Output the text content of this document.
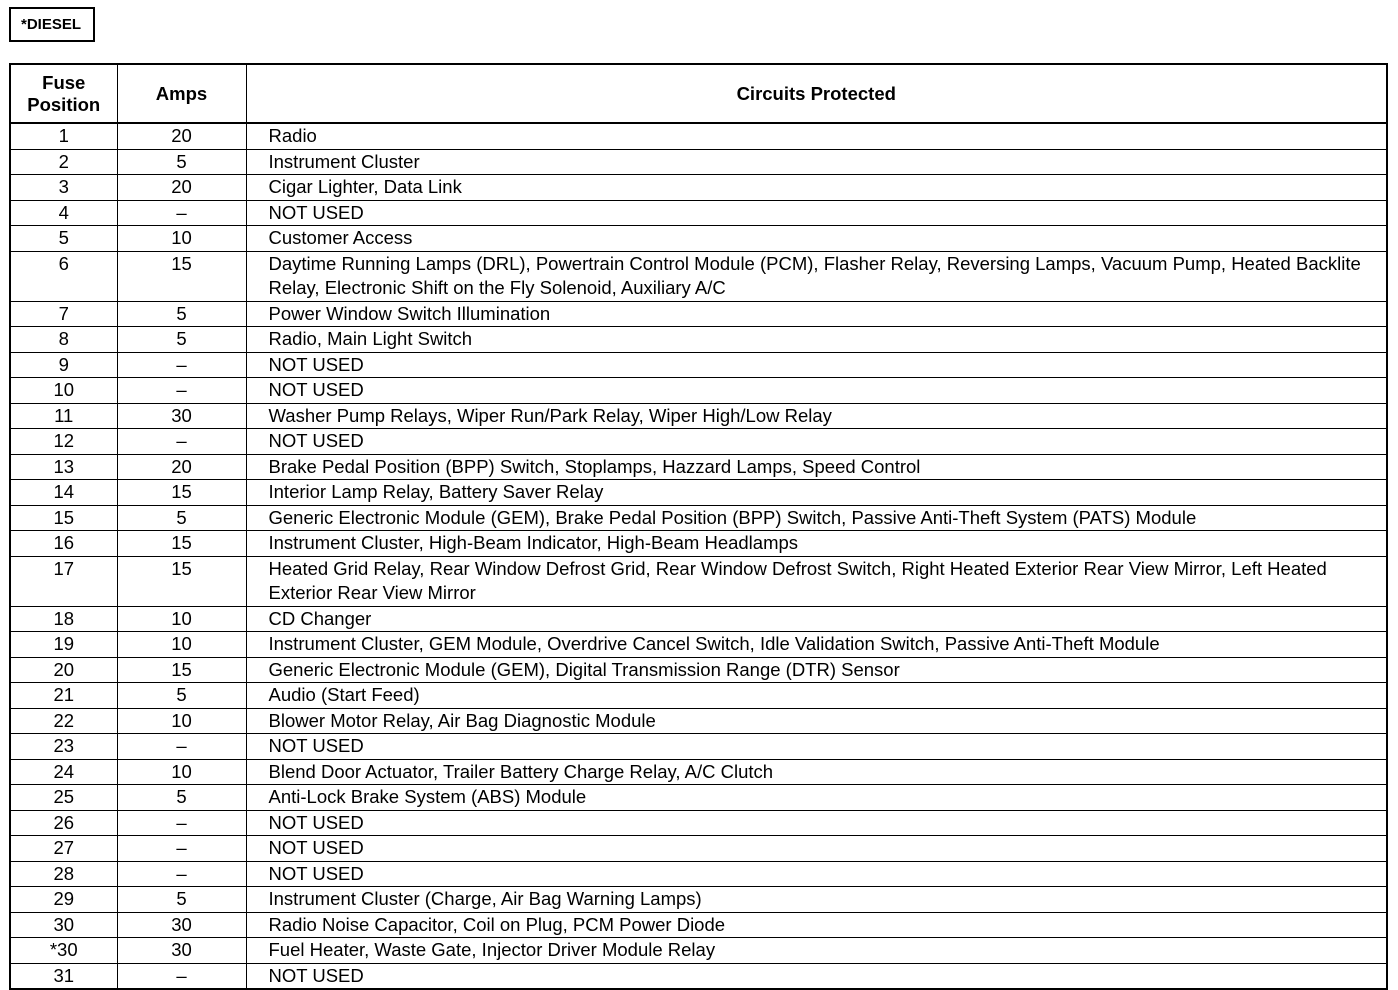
*DIESEL
Fuse
Position	Amps	Circuits Protected
1	20	Radio
2	5	Instrument Cluster
3	20	Cigar Lighter, Data Link
4	–	NOT USED
5	10	Customer Access
6	15	Daytime Running Lamps (DRL), Powertrain Control Module (PCM), Flasher Relay, Reversing Lamps, Vacuum Pump, Heated Backlite Relay, Electronic Shift on the Fly Solenoid, Auxiliary A/C
7	5	Power Window Switch Illumination
8	5	Radio, Main Light Switch
9	–	NOT USED
10	–	NOT USED
11	30	Washer Pump Relays, Wiper Run/Park Relay, Wiper High/Low Relay
12	–	NOT USED
13	20	Brake Pedal Position (BPP) Switch, Stoplamps, Hazzard Lamps, Speed Control
14	15	Interior Lamp Relay, Battery Saver Relay
15	5	Generic Electronic Module (GEM), Brake Pedal Position (BPP) Switch, Passive Anti-Theft System (PATS) Module
16	15	Instrument Cluster, High-Beam Indicator, High-Beam Headlamps
17	15	Heated Grid Relay, Rear Window Defrost Grid, Rear Window Defrost Switch, Right Heated Exterior Rear View Mirror, Left Heated Exterior Rear View Mirror
18	10	CD Changer
19	10	Instrument Cluster, GEM Module, Overdrive Cancel Switch, Idle Validation Switch, Passive Anti-Theft Module
20	15	Generic Electronic Module (GEM), Digital Transmission Range (DTR) Sensor
21	5	Audio (Start Feed)
22	10	Blower Motor Relay, Air Bag Diagnostic Module
23	–	NOT USED
24	10	Blend Door Actuator, Trailer Battery Charge Relay, A/C Clutch
25	5	Anti-Lock Brake System (ABS) Module
26	–	NOT USED
27	–	NOT USED
28	–	NOT USED
29	5	Instrument Cluster (Charge, Air Bag Warning Lamps)
30	30	Radio Noise Capacitor, Coil on Plug, PCM Power Diode
*30	30	Fuel Heater, Waste Gate, Injector Driver Module Relay
31	–	NOT USED
